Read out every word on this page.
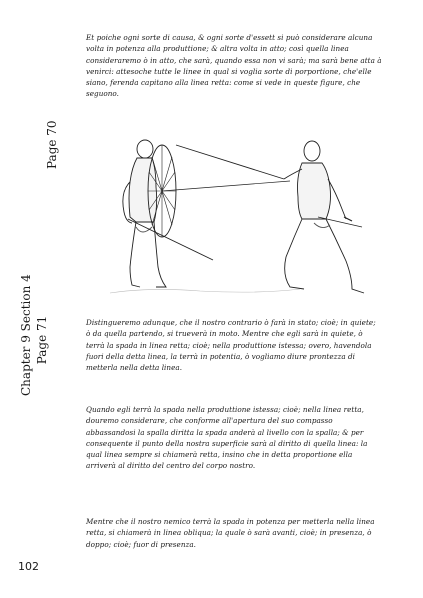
Et poiche ogni sorte di causa, & ogni sorte d'essett si può considerare alcuna volta in potenza alla produttione; & altra volta in atto; così quella linea consideraremo ò in atto, che sarà, quando essa non vi sarà; ma sarà bene atta à venirci: attesoche tutte le linee in qual si voglia sorte di porportione, che'elle siano, ferenda capitano alla linea retta: come si vede in queste figure, che seguono.

Page 70
Chapter 9 Section 4 Page 71	Distingueremo adunque, che il nostro contrario ò farà in stato; cioè; in quiete; ò da quella partendo, si trueverà in moto. Mentre che egli sarà in quiete, ò terrà la spada in linea retta; cioè; nella produttione istessa; overo, havendola fuori della detta linea, la terrà in potentia, ò vogliamo diure prontezza di metterla nella detta linea.

Quando egli terrà la spada nella produttione istessa; cioè; nella linea retta, douremo considerare, che conforme all'apertura del suo compasso abbassandosi la spalla diritta la spada anderà al livello con la spalla; & per consequente il punto della nostra superficie sarà al diritto di quella linea: la qual linea sempre si chiamerà retta, insino che in detta proportione ella arriverà al diritto del centro del corpo nostro.

Mentre che il nostro nemico terrà la spada in potenza per metterla nella linea retta, si chiamerà in linea obliqua; la quale ò sarà avanti, cioè; in presenza, ò doppo; cioè; fuor di presenza.

102
